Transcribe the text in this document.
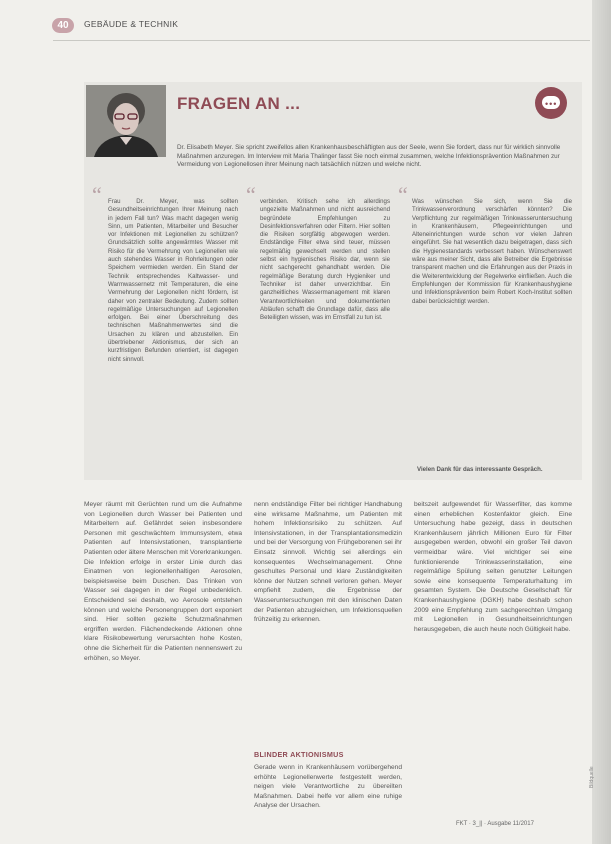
40	GEBÄUDE & TECHNIK
FRAGEN AN ...	•••
Dr. Elisabeth Meyer. Sie spricht zweifellos allen Krankenhausbeschäftigten aus der Seele, wenn Sie fordert, dass nur für wirklich sinnvolle Maßnahmen anzuregen. Im Interview mit Maria Thalinger fasst Sie noch einmal zusammen, welche Infektionsprävention Maßnahmen zur Vermeidung von Legionellosen ihrer Meinung nach tatsächlich nützen und welche nicht.
“	“	“
Frau Dr. Meyer, was sollten Gesundheitseinrichtungen Ihrer Meinung nach in jedem Fall tun? Was macht dagegen wenig Sinn, um Patienten, Mitarbeiter und Besucher vor Infektionen mit Legionellen zu schützen? Grundsätzlich sollte angewärmtes Wasser mit Risiko für die Vermehrung von Legionellen wie auch stehendes Wasser in Rohrleitungen oder Speichern vermieden werden. Ein Stand der Technik entsprechendes Kaltwasser- und Warmwassernetz mit Temperaturen, die eine Vermehrung der Legionellen nicht fördern, ist daher von zentraler Bedeutung. Zudem sollten regelmäßige Untersuchungen auf Legionellen erfolgen. Bei einer Überschreitung des technischen Maßnahmenwertes sind die Ursachen zu klären und abzustellen. Ein übertriebener Aktionismus, der sich an kurzfristigen Befunden orientiert, ist dagegen nicht sinnvoll.
verbinden. Kritisch sehe ich allerdings ungezielte Maßnahmen und nicht ausreichend begründete Empfehlungen zu Desinfektionsverfahren oder Filtern. Hier sollten die Risiken sorgfältig abgewogen werden. Endständige Filter etwa sind teuer, müssen regelmäßig gewechselt werden und stellen selbst ein hygienisches Risiko dar, wenn sie nicht sachgerecht gehandhabt werden. Die regelmäßige Beratung durch Hygieniker und Techniker ist daher unverzichtbar. Ein ganzheitliches Wassermanagement mit klaren Verantwortlichkeiten und dokumentierten Abläufen schafft die Grundlage dafür, dass alle Beteiligten wissen, was im Ernstfall zu tun ist.
Was wünschen Sie sich, wenn Sie die Trinkwasserverordnung verschärfen könnten? Die Verpflichtung zur regelmäßigen Trinkwasseruntersuchung in Krankenhäusern, Pflegeeinrichtungen und Alteneinrichtungen wurde schon vor vielen Jahren eingeführt. Sie hat wesentlich dazu beigetragen, dass sich die Hygienestandards verbessert haben. Wünschenswert wäre aus meiner Sicht, dass alle Betreiber die Ergebnisse transparent machen und die Erfahrungen aus der Praxis in die Weiterentwicklung der Regelwerke einfließen. Auch die Empfehlungen der Kommission für Krankenhaushygiene und Infektionsprävention beim Robert Koch-Institut sollten dabei berücksichtigt werden.
Vielen Dank für das interessante Gespräch.
Meyer räumt mit Gerüchten rund um die Aufnahme von Legionellen durch Wasser bei Patienten und Mitarbeitern auf. Gefährdet seien insbesondere Personen mit geschwächtem Immunsystem, etwa Patienten auf Intensivstationen, transplantierte Patienten oder ältere Menschen mit Vorerkrankungen. Die Infektion erfolge in erster Linie durch das Einatmen von legionellenhaltigen Aerosolen, beispielsweise beim Duschen. Das Trinken von Wasser sei dagegen in der Regel unbedenklich. Entscheidend sei deshalb, wo Aerosole entstehen können und welche Personengruppen dort exponiert sind. Hier sollten gezielte Schutzmaßnahmen ergriffen werden. Flächendeckende Aktionen ohne klare Risikobewertung verursachten hohe Kosten, ohne die Sicherheit für die Patienten nennenswert zu erhöhen, so Meyer.
nenn endständige Filter bei richtiger Handhabung eine wirksame Maßnahme, um Patienten mit hohem Infektionsrisiko zu schützen. Auf Intensivstationen, in der Transplantationsmedizin und bei der Versorgung von Frühgeborenen sei ihr Einsatz sinnvoll. Wichtig sei allerdings ein konsequentes Wechselmanagement. Ohne geschultes Personal und klare Zuständigkeiten könne der Nutzen schnell verloren gehen. Meyer empfiehlt zudem, die Ergebnisse der Wasseruntersuchungen mit den klinischen Daten der Patienten abzugleichen, um Infektionsquellen frühzeitig zu erkennen.
BLINDER AKTIONISMUS
Gerade wenn in Krankenhäusern vorübergehend erhöhte Legionellenwerte festgestellt werden, neigen viele Verantwortliche zu übereilten Maßnahmen. Dabei helfe vor allem eine ruhige Analyse der Ursachen.
beitszeit aufgewendet für Wasserfilter, das komme einen erheblichen Kostenfaktor gleich. Eine Untersuchung habe gezeigt, dass in deutschen Krankenhäusern jährlich Millionen Euro für Filter ausgegeben werden, obwohl ein großer Teil davon vermeidbar wäre. Viel wichtiger sei eine funktionierende Trinkwasserinstallation, eine regelmäßige Spülung selten genutzter Leitungen sowie eine konsequente Temperaturhaltung im gesamten System. Die Deutsche Gesellschaft für Krankenhaushygiene (DGKH) habe deshalb schon 2009 eine Empfehlung zum sachgerechten Umgang mit Legionellen in Gesundheitseinrichtungen herausgegeben, die auch heute noch Gültigkeit habe.
FKT · 3_|| · Ausgabe 11/2017
Bildquelle
